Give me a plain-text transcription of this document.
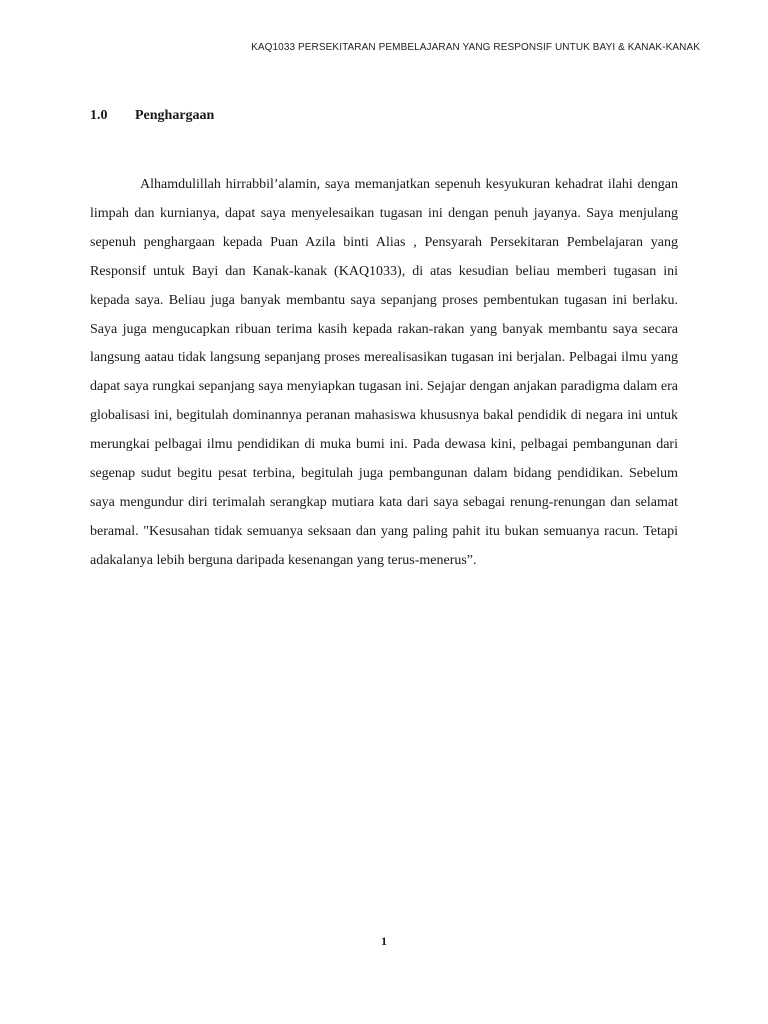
KAQ1033 PERSEKITARAN PEMBELAJARAN YANG RESPONSIF UNTUK BAYI & KANAK-KANAK
1.0 Penghargaan

Alhamdulillah hirrabbil’alamin, saya memanjatkan sepenuh kesyukuran kehadrat ilahi dengan limpah dan kurnianya, dapat saya menyelesaikan tugasan ini dengan penuh jayanya. Saya menjulang sepenuh penghargaan kepada Puan Azila binti Alias , Pensyarah Persekitaran Pembelajaran yang Responsif untuk Bayi dan Kanak-kanak (KAQ1033), di atas kesudian beliau memberi tugasan ini kepada saya. Beliau juga banyak membantu saya sepanjang proses pembentukan tugasan ini berlaku. Saya juga mengucapkan ribuan terima kasih kepada rakan-rakan yang banyak membantu saya secara langsung aatau tidak langsung sepanjang proses merealisasikan tugasan ini berjalan. Pelbagai ilmu yang dapat saya rungkai sepanjang saya menyiapkan tugasan ini. Sejajar dengan anjakan paradigma dalam era globalisasi ini, begitulah dominannya peranan mahasiswa khususnya bakal pendidik di negara ini untuk merungkai pelbagai ilmu pendidikan di muka bumi ini. Pada dewasa kini, pelbagai pembangunan dari segenap sudut begitu pesat terbina, begitulah juga pembangunan dalam bidang pendidikan. Sebelum saya mengundur diri terimalah serangkap mutiara kata dari saya sebagai renung-renungan dan selamat beramal. "Kesusahan tidak semuanya seksaan dan yang paling pahit itu bukan semuanya racun. Tetapi adakalanya lebih berguna daripada kesenangan yang terus-menerus”.

1
